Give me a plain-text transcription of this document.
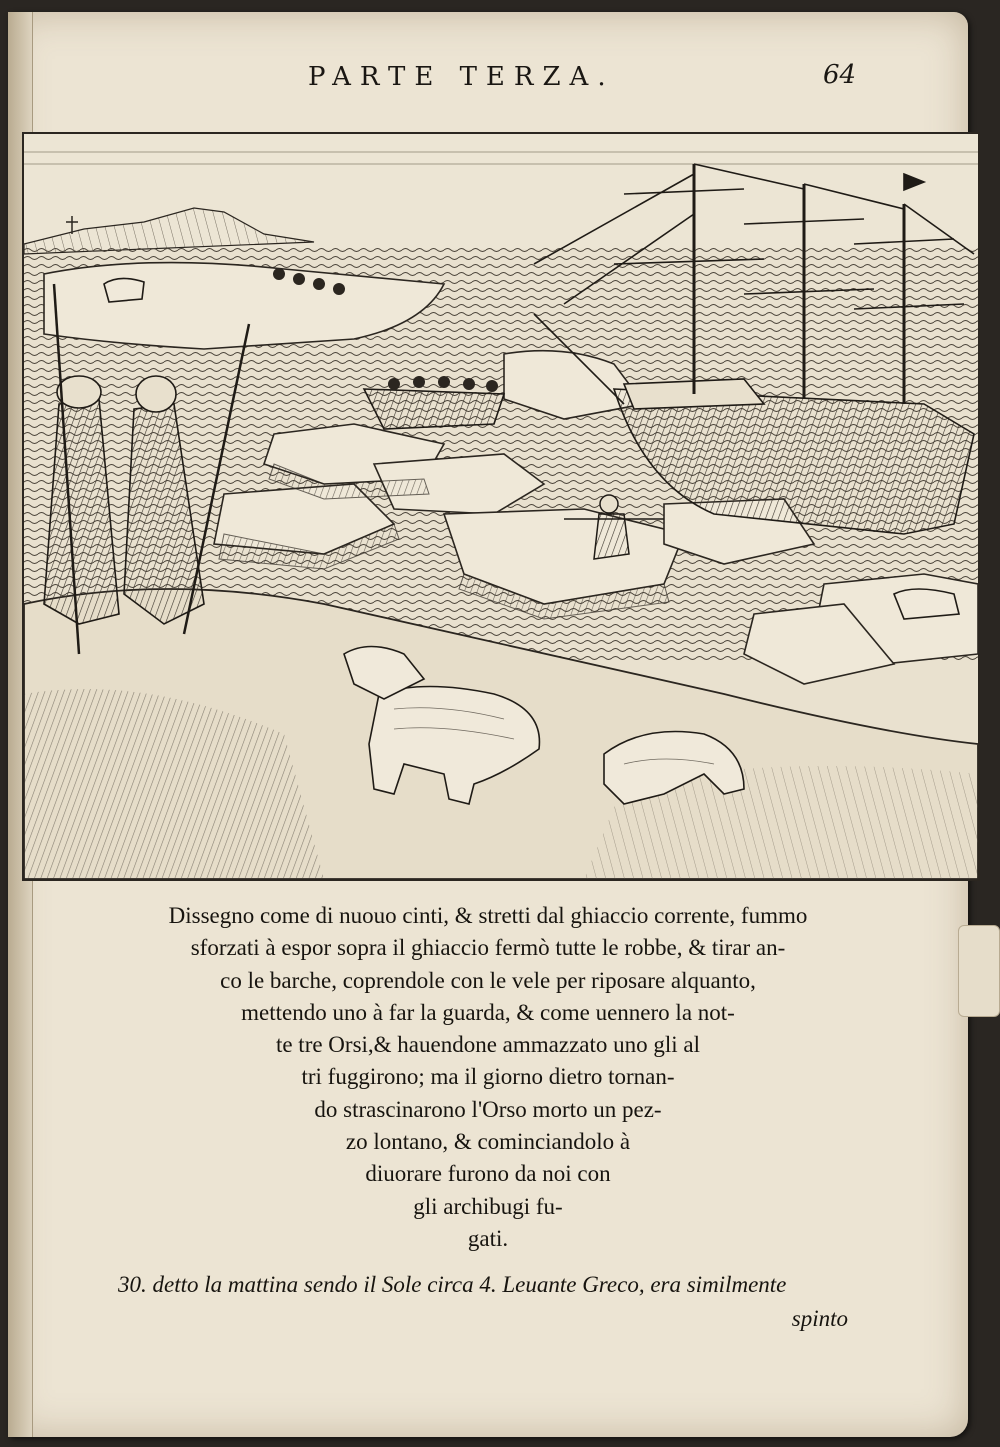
PARTE TERZA.	64
Dissegno come di nuouo cinti, & stretti dal ghiaccio corrente, fummo
sforzati à espor sopra il ghiaccio fermò tutte le robbe, & tirar an-
co le barche, coprendole con le vele per riposare alquanto,
mettendo uno à far la guarda, & come uennero la not-
te tre Orsi,& hauendone ammazzato uno gli al
tri fuggirono; ma il giorno dietro tornan-
do strascinarono l'Orso morto un pez-
zo lontano, & cominciandolo à
diuorare furono da noi con
gli archibugi fu-
gati.
30. detto la mattina sendo il Sole circa 4. Leuante Greco, era similmente
spinto
